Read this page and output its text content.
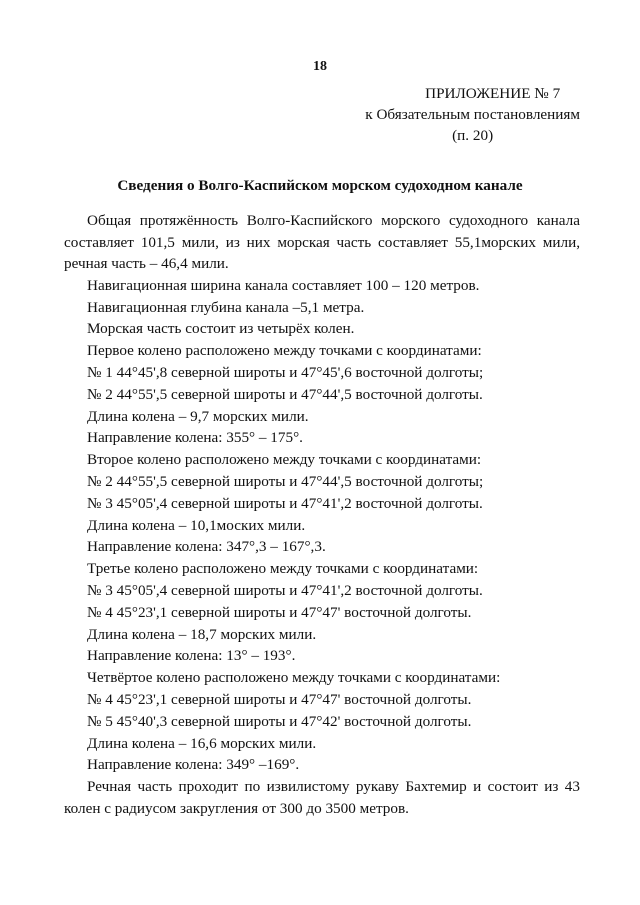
18
ПРИЛОЖЕНИЕ № 7
к Обязательным постановлениям
(п. 20)
Сведения о Волго-Каспийском морском судоходном канале

Общая протяжённость Волго-Каспийского морского судоходного канала составляет 101,5 мили, из них морская часть составляет 55,1морских мили, речная часть – 46,4 мили.

Навигационная ширина канала составляет 100 – 120 метров.

Навигационная глубина канала –5,1 метра.

Морская часть состоит из четырёх колен.

Первое колено расположено между точками с координатами:

№ 1 44°45',8 северной широты и 47°45',6 восточной долготы;

№ 2 44°55',5 северной широты и 47°44',5 восточной долготы.

Длина колена – 9,7 морских мили.

Направление колена: 355° – 175°.

Второе колено расположено между точками с координатами:

№ 2 44°55',5 северной широты и 47°44',5 восточной долготы;

№ 3 45°05',4 северной широты и 47°41',2 восточной долготы.

Длина колена – 10,1моских мили.

Направление колена: 347°,3 – 167°,3.

Третье колено расположено между точками с координатами:

№ 3 45°05',4 северной широты и 47°41',2 восточной долготы.

№ 4 45°23',1 северной широты и 47°47' восточной долготы.

Длина колена – 18,7 морских мили.

Направление колена: 13° – 193°.

Четвёртое колено расположено между точками с координатами:

№ 4 45°23',1 северной широты и 47°47' восточной долготы.

№ 5 45°40',3 северной широты и 47°42' восточной долготы.

Длина колена – 16,6 морских мили.

Направление колена: 349° –169°.

Речная часть проходит по извилистому рукаву Бахтемир и состоит из 43 колен с радиусом закругления от 300 до 3500 метров.
